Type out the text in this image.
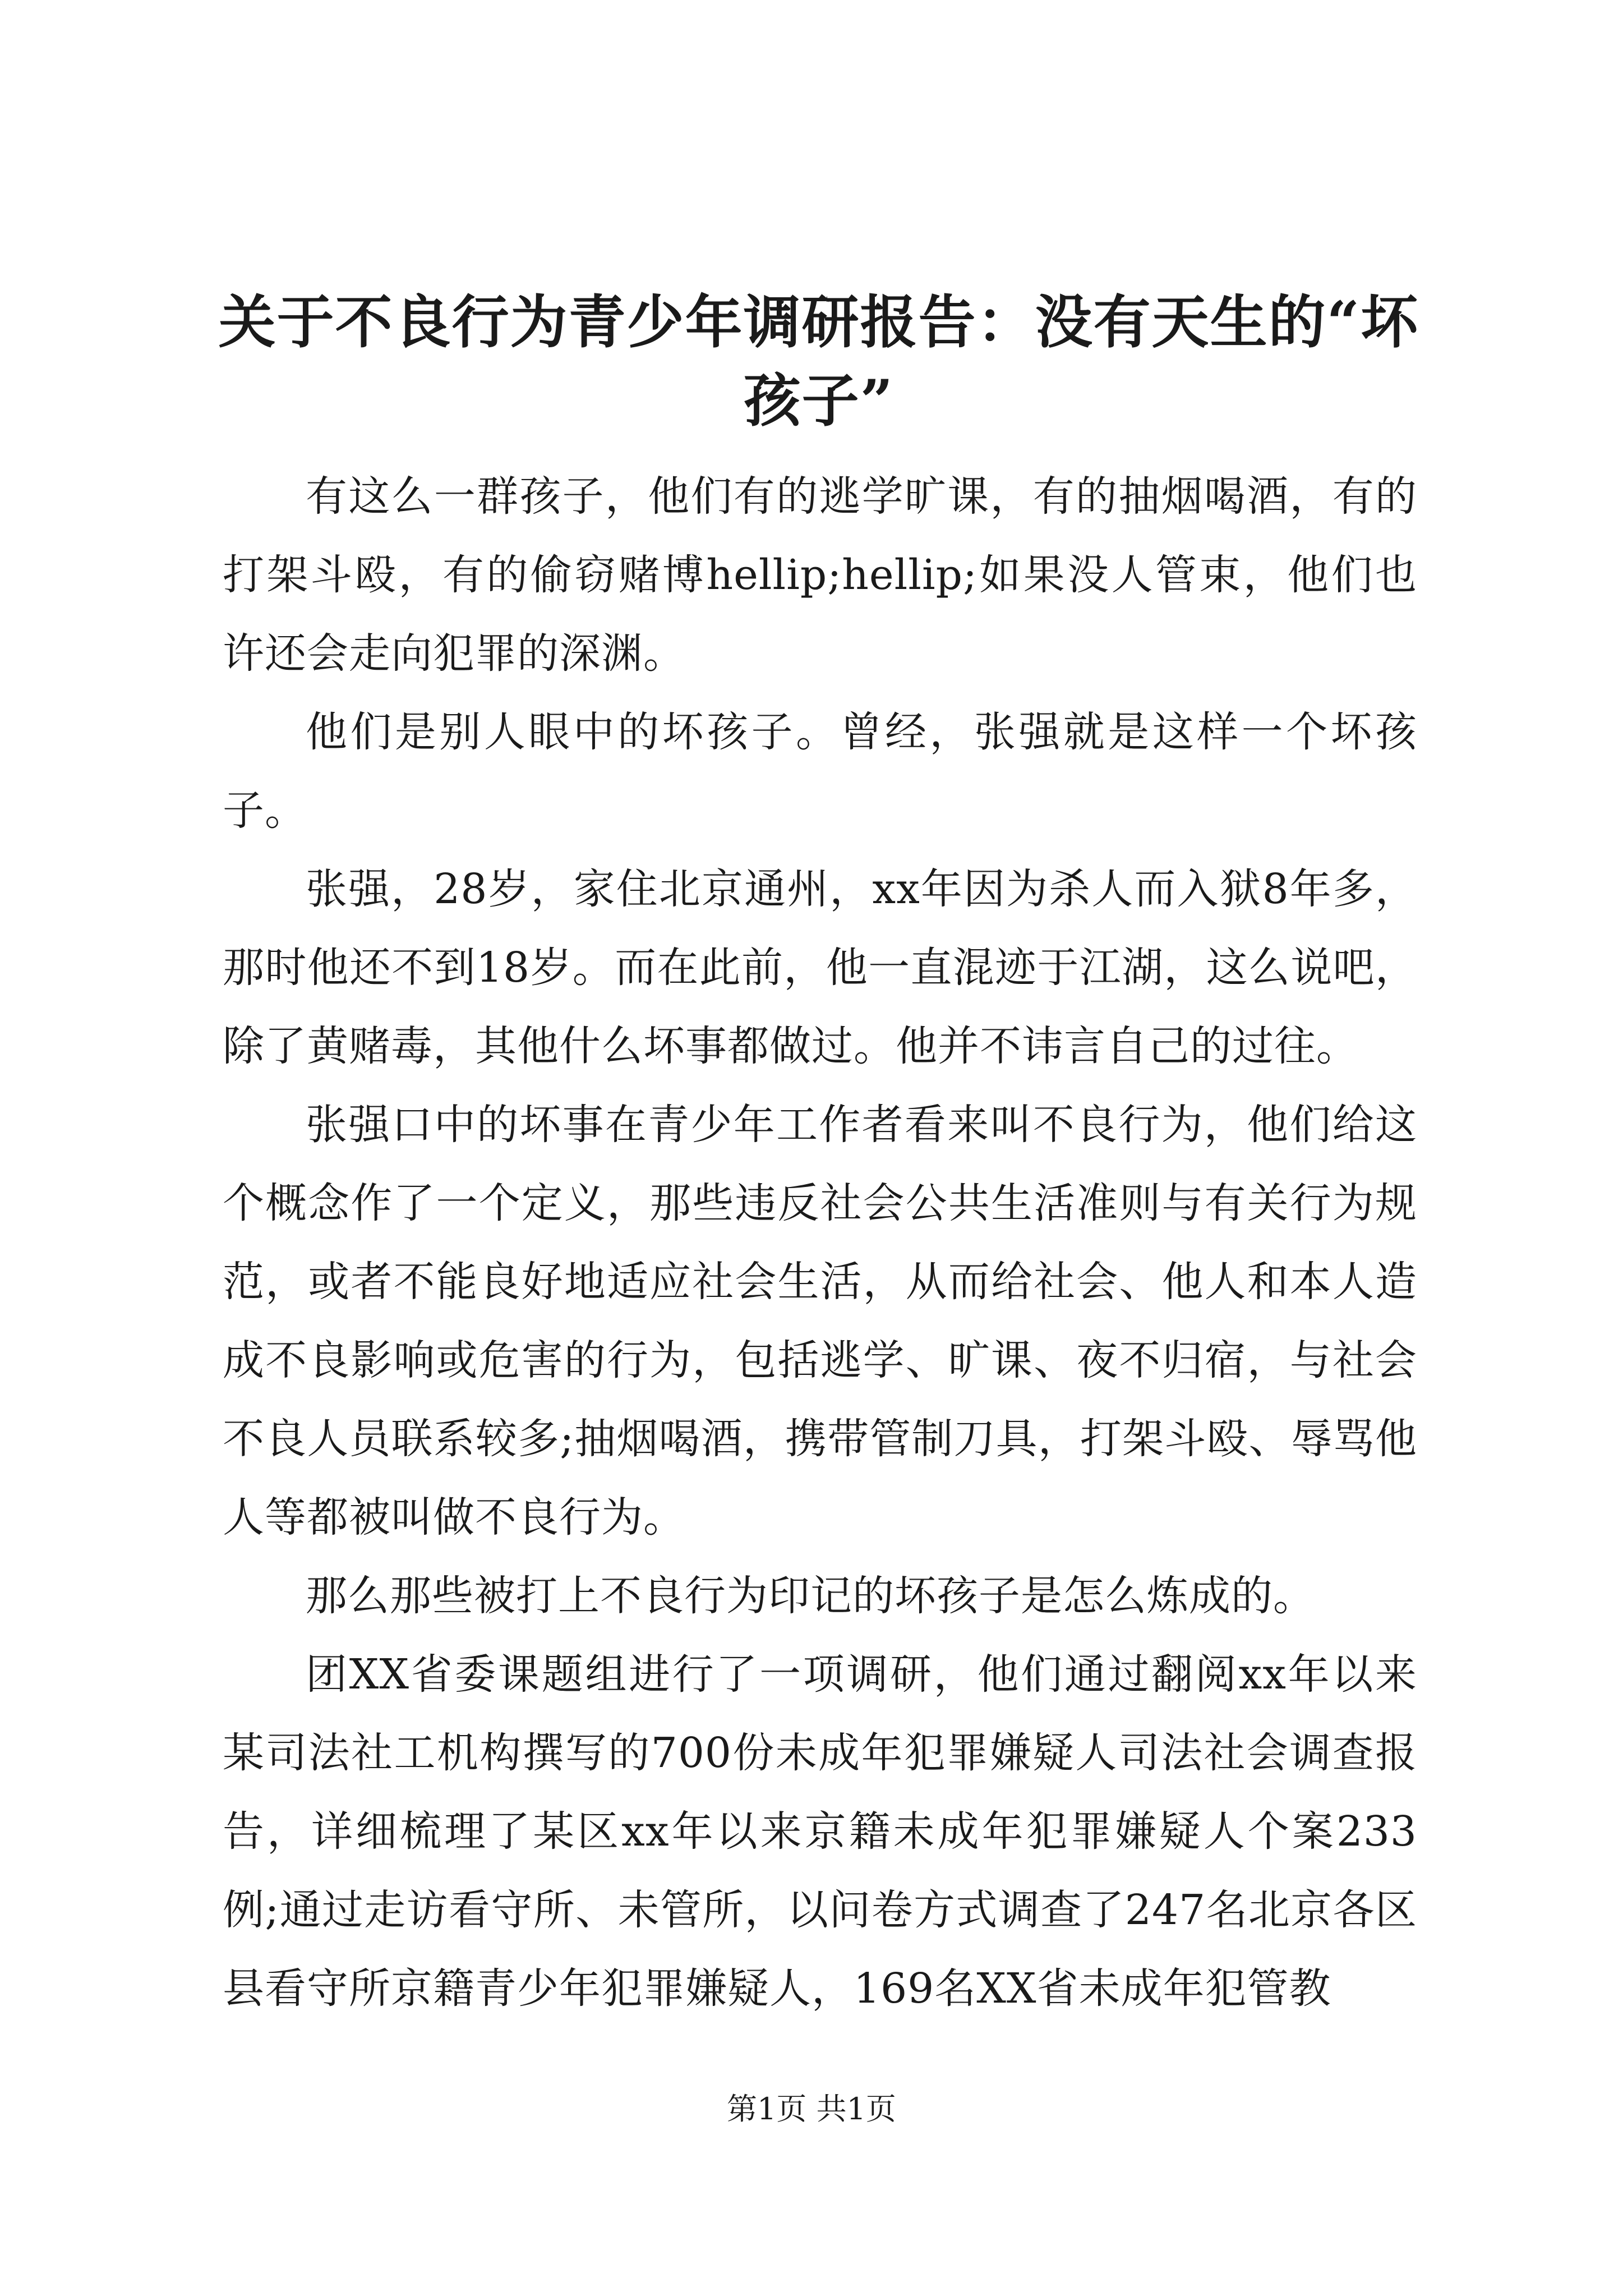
关于不良行为青少年调研报告：没有天生的“坏孩子”

有这么一群孩子，他们有的逃学旷课，有的抽烟喝酒，有的打架斗殴，有的偷窃赌博hellip;hellip;如果没人管束，他们也许还会走向犯罪的深渊。

他们是别人眼中的坏孩子。曾经，张强就是这样一个坏孩子。

张强，28岁，家住北京通州，xx年因为杀人而入狱8年多，那时他还不到18岁。而在此前，他一直混迹于江湖，这么说吧，除了黄赌毒，其他什么坏事都做过。他并不讳言自己的过往。

张强口中的坏事在青少年工作者看来叫不良行为，他们给这个概念作了一个定义，那些违反社会公共生活准则与有关行为规范，或者不能良好地适应社会生活，从而给社会、他人和本人造成不良影响或危害的行为，包括逃学、旷课、夜不归宿，与社会不良人员联系较多;抽烟喝酒，携带管制刀具，打架斗殴、辱骂他人等都被叫做不良行为。

那么那些被打上不良行为印记的坏孩子是怎么炼成的。

团XX省委课题组进行了一项调研，他们通过翻阅xx年以来某司法社工机构撰写的700份未成年犯罪嫌疑人司法社会调查报告，详细梳理了某区xx年以来京籍未成年犯罪嫌疑人个案233例;通过走访看守所、未管所，以问卷方式调查了247名北京各区县看守所京籍青少年犯罪嫌疑人，169名XX省未成年犯管教

第1页 共1页
